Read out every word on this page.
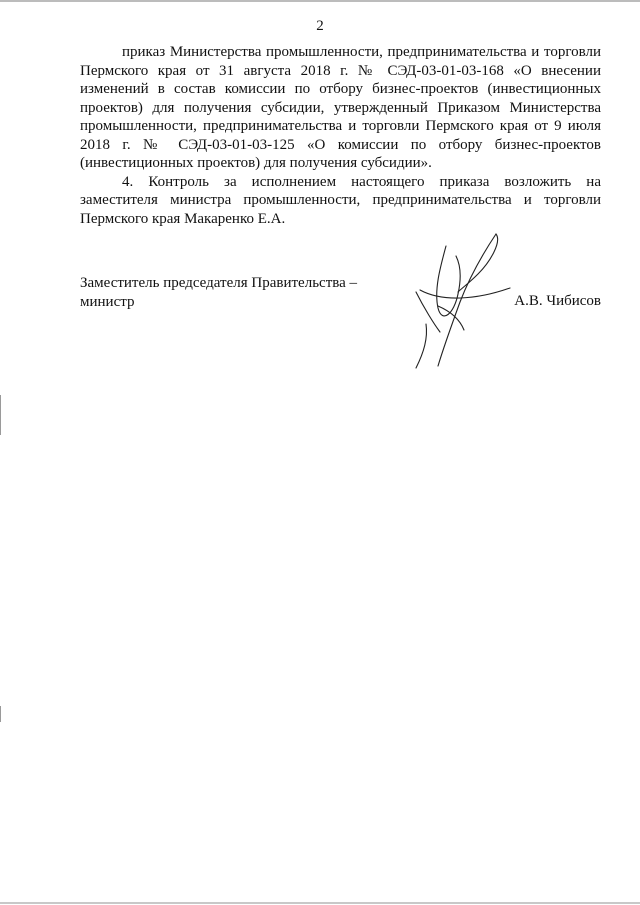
2

приказ Министерства промышленности, предпринимательства и торговли Пермского края от 31 августа 2018 г. № СЭД-03-01-03-168 «О внесении изменений в состав комиссии по отбору бизнес-проектов (инвестиционных проектов) для получения субсидии, утвержденный Приказом Министерства промышленности, предпринимательства и торговли Пермского края от 9 июля 2018 г. № СЭД-03-01-03-125 «О комиссии по отбору бизнес-проектов (инвестиционных проектов) для получения субсидии».

4. Контроль за исполнением настоящего приказа возложить на заместителя министра промышленности, предпринимательства и торговли Пермского края Макаренко Е.А.

Заместитель председателя Правительства –
министр	А.В. Чибисов
